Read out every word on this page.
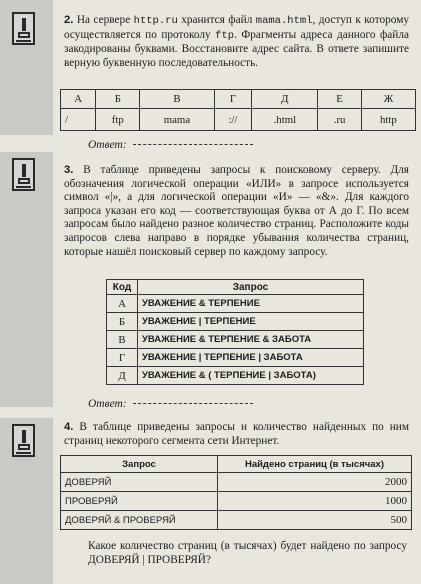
2. На сервере http.ru хранится файл mama.html, доступ к которому осуществляется по протоколу ftp. Фрагменты адреса данного файла закодированы буквами. Восстановите адрес сайта. В ответе запишите верную буквенную последовательность.
А	Б	В	Г	Д	Е	Ж
/	ftp	mama	://	.html	.ru	http
Ответ:
3. В таблице приведены запросы к поисковому серверу. Для обозначения логической операции «ИЛИ» в запросе используется символ «|», а для логической операции «И» — «&». Для каждого запроса указан его код — соответствующая буква от А до Г. По всем запросам было найдено разное количество страниц. Расположите коды запросов слева направо в порядке убывания количества страниц, которые нашёл поисковый сервер по каждому запросу.
Код	Запрос
А	УВАЖЕНИЕ & ТЕРПЕНИЕ
Б	УВАЖЕНИЕ | ТЕРПЕНИЕ
В	УВАЖЕНИЕ & ТЕРПЕНИЕ & ЗАБОТА
Г	УВАЖЕНИЕ | ТЕРПЕНИЕ | ЗАБОТА
Д	УВАЖЕНИЕ & ( ТЕРПЕНИЕ | ЗАБОТА)
Ответ:
4. В таблице приведены запросы и количество найденных по ним страниц некоторого сегмента сети Интернет.
Запрос	Найдено страниц (в тысячах)
ДОВЕРЯЙ	2000
ПРОВЕРЯЙ	1000
ДОВЕРЯЙ & ПРОВЕРЯЙ	500
Какое количество страниц (в тысячах) будет найдено по запросу ДОВЕРЯЙ | ПРОВЕРЯЙ?
